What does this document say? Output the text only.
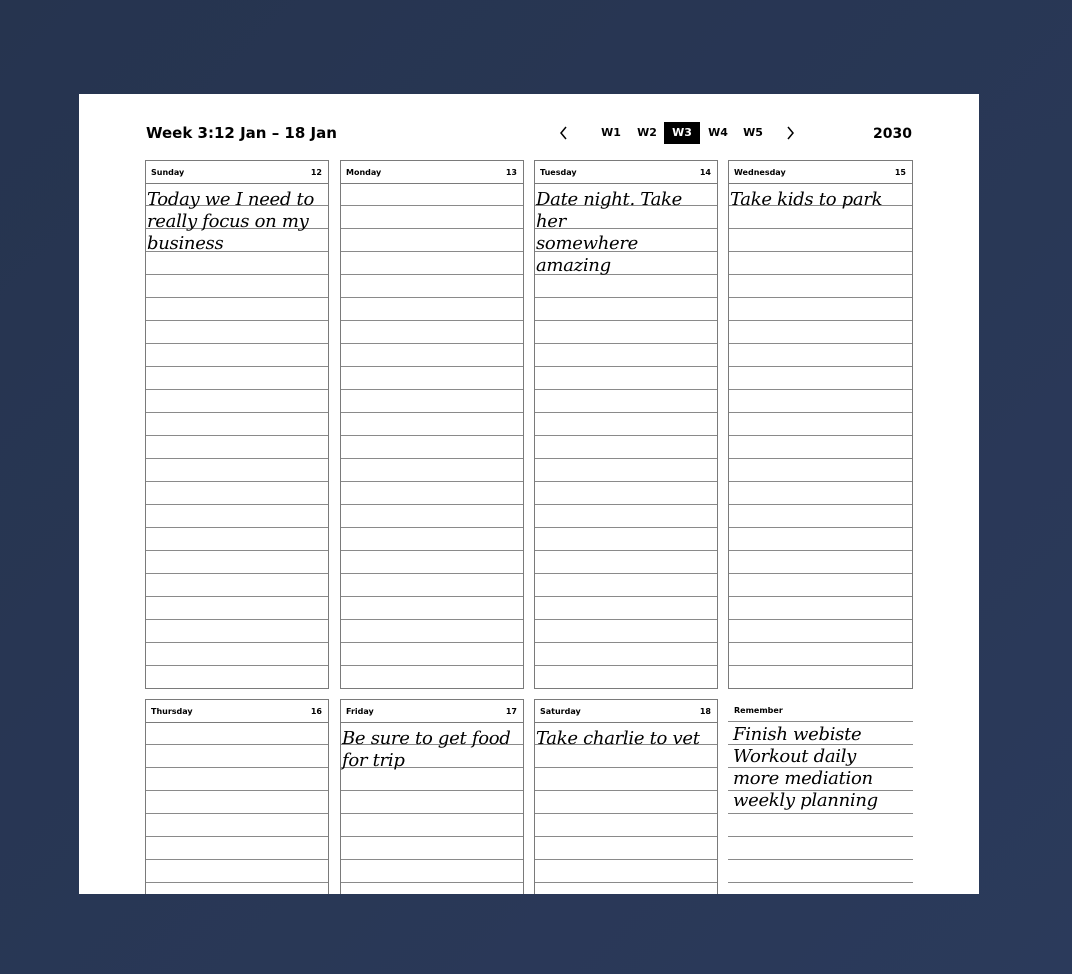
Week 3:12 Jan – 18 Jan	W1	W2	W3	W4	W5	2030
Sunday	12
Today we I need to
really focus on my
business
Monday	13	Tuesday	14
Date night. Take her
somewhere amazing
Wednesday	15
Take kids to park
Thursday	16	Friday	17
Be sure to get food
for trip
Saturday	18
Take charlie to vet
Remember
Finish webiste
Workout daily
more mediation
weekly planning
